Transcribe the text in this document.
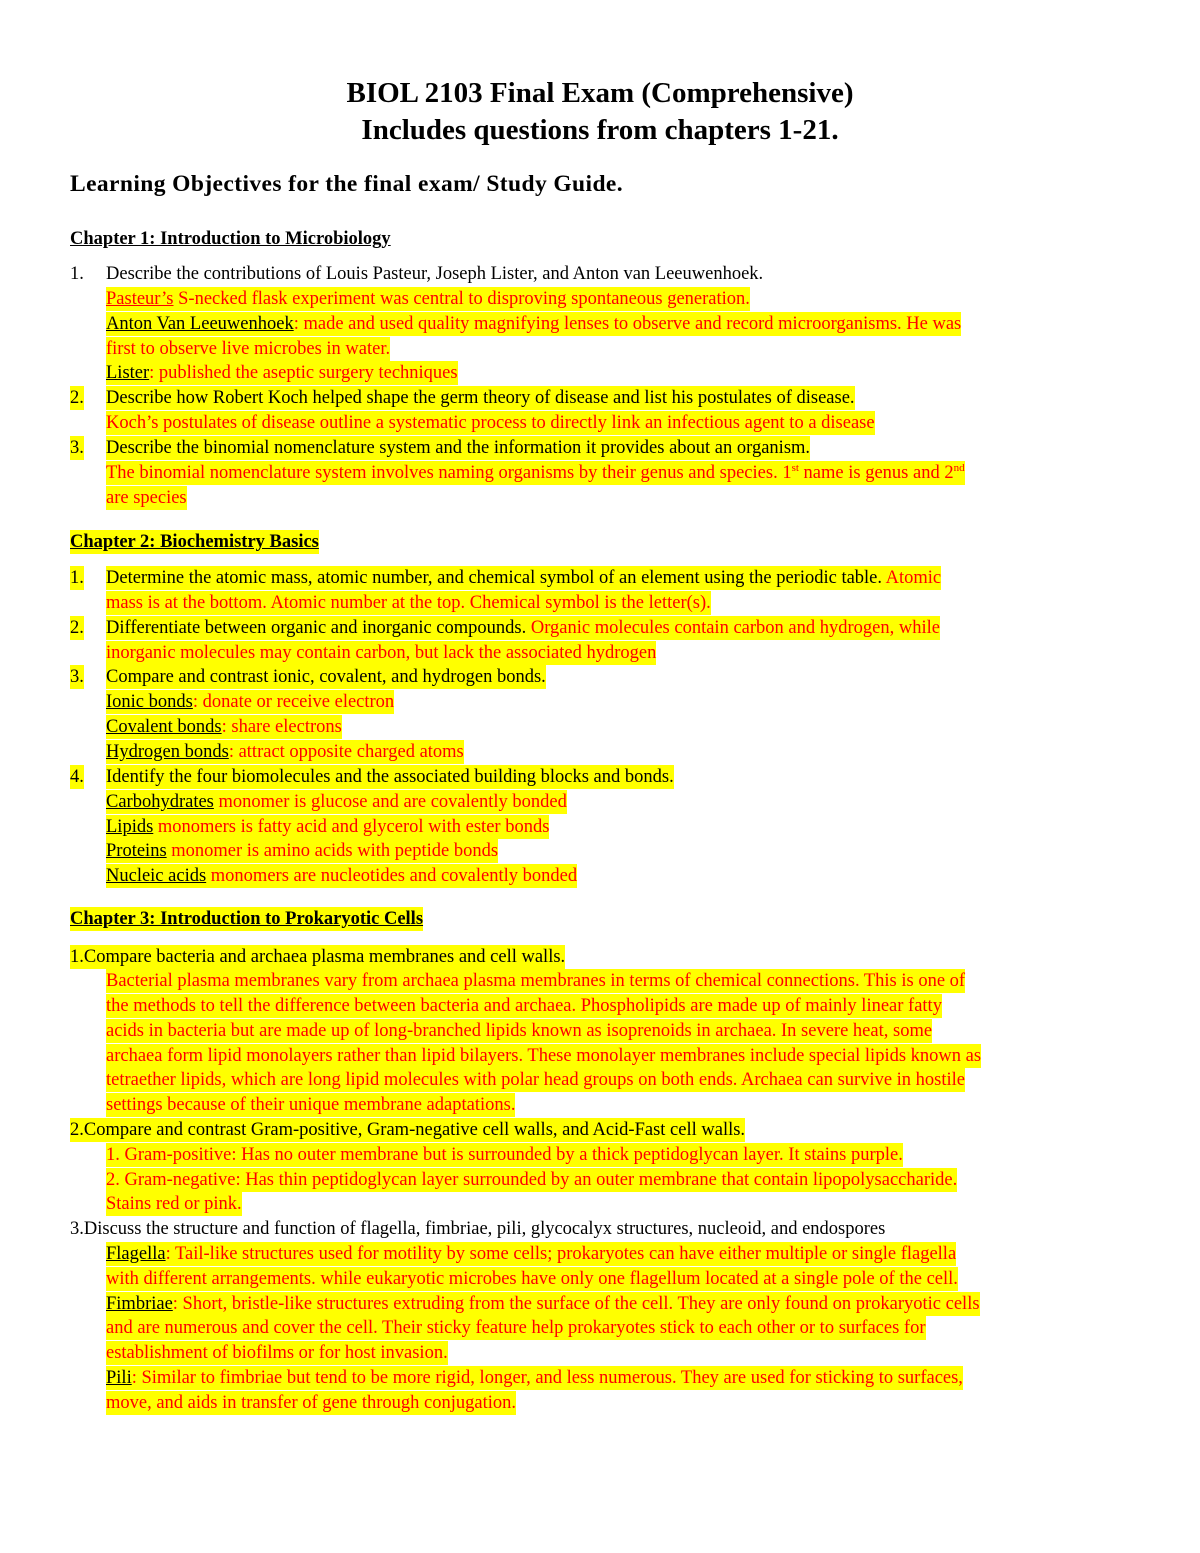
BIOL 2103 Final Exam (Comprehensive)
Includes questions from chapters 1-21.
Learning Objectives for the final exam/ Study Guide.
Chapter 1: Introduction to Microbiology
1. Describe the contributions of Louis Pasteur, Joseph Lister, and Anton van Leeuwenhoek.
Pasteur’s S-necked flask experiment was central to disproving spontaneous generation.
Anton Van Leeuwenhoek: made and used quality magnifying lenses to observe and record microorganisms. He was
first to observe live microbes in water.
Lister: published the aseptic surgery techniques
2. Describe how Robert Koch helped shape the germ theory of disease and list his postulates of disease.
Koch’s postulates of disease outline a systematic process to directly link an infectious agent to a disease
3. Describe the binomial nomenclature system and the information it provides about an organism.
The binomial nomenclature system involves naming organisms by their genus and species. 1st name is genus and 2nd
are species
Chapter 2: Biochemistry Basics
1. Determine the atomic mass, atomic number, and chemical symbol of an element using the periodic table. Atomic
mass is at the bottom. Atomic number at the top. Chemical symbol is the letter(s).
2. Differentiate between organic and inorganic compounds. Organic molecules contain carbon and hydrogen, while
inorganic molecules may contain carbon, but lack the associated hydrogen
3. Compare and contrast ionic, covalent, and hydrogen bonds.
Ionic bonds: donate or receive electron
Covalent bonds: share electrons
Hydrogen bonds: attract opposite charged atoms
4. Identify the four biomolecules and the associated building blocks and bonds.
Carbohydrates monomer is glucose and are covalently bonded
Lipids monomers is fatty acid and glycerol with ester bonds
Proteins monomer is amino acids with peptide bonds
Nucleic acids monomers are nucleotides and covalently bonded
Chapter 3: Introduction to Prokaryotic Cells
1.Compare bacteria and archaea plasma membranes and cell walls.
Bacterial plasma membranes vary from archaea plasma membranes in terms of chemical connections. This is one of
the methods to tell the difference between bacteria and archaea. Phospholipids are made up of mainly linear fatty
acids in bacteria but are made up of long-branched lipids known as isoprenoids in archaea. In severe heat, some
archaea form lipid monolayers rather than lipid bilayers. These monolayer membranes include special lipids known as
tetraether lipids, which are long lipid molecules with polar head groups on both ends. Archaea can survive in hostile
settings because of their unique membrane adaptations.
2.Compare and contrast Gram-positive, Gram-negative cell walls, and Acid-Fast cell walls.
1. Gram-positive: Has no outer membrane but is surrounded by a thick peptidoglycan layer. It stains purple.
2. Gram-negative: Has thin peptidoglycan layer surrounded by an outer membrane that contain lipopolysaccharide.
Stains red or pink.
3.Discuss the structure and function of flagella, fimbriae, pili, glycocalyx structures, nucleoid, and endospores
Flagella: Tail-like structures used for motility by some cells; prokaryotes can have either multiple or single flagella
with different arrangements. while eukaryotic microbes have only one flagellum located at a single pole of the cell.
Fimbriae: Short, bristle-like structures extruding from the surface of the cell. They are only found on prokaryotic cells
and are numerous and cover the cell. Their sticky feature help prokaryotes stick to each other or to surfaces for
establishment of biofilms or for host invasion.
Pili: Similar to fimbriae but tend to be more rigid, longer, and less numerous. They are used for sticking to surfaces,
move, and aids in transfer of gene through conjugation.
